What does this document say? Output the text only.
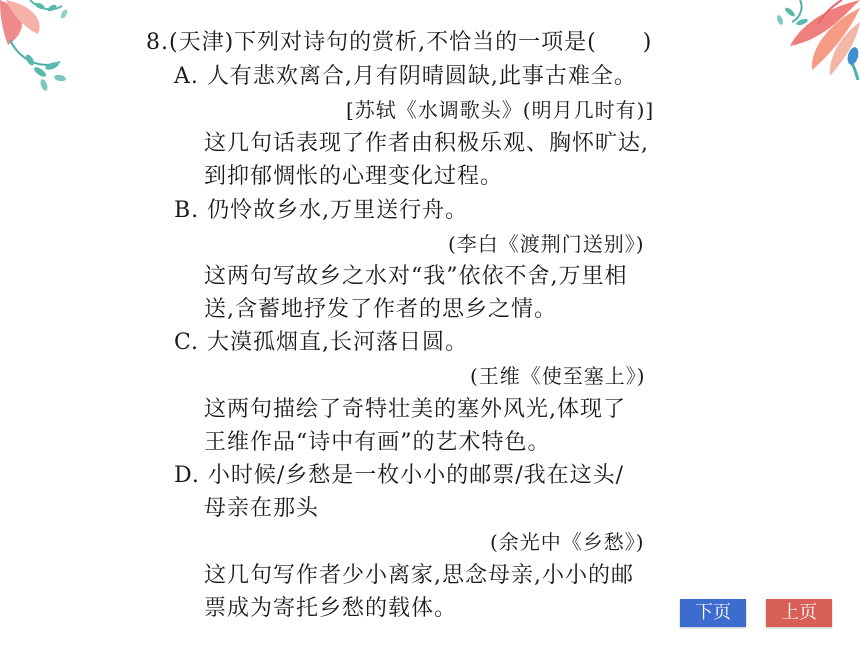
8.(天津)下列对诗句的赏析,不恰当的一项是(　　)
A. 人有悲欢离合,月有阴晴圆缺,此事古难全。
[苏轼《水调歌头》(明月几时有)]
这几句话表现了作者由积极乐观、胸怀旷达,
到抑郁惆怅的心理变化过程。
B. 仍怜故乡水,万里送行舟。
(李白《渡荆门送别》)
这两句写故乡之水对“我”依依不舍,万里相
送,含蓄地抒发了作者的思乡之情。
C. 大漠孤烟直,长河落日圆。
(王维《使至塞上》)
这两句描绘了奇特壮美的塞外风光,体现了
王维作品“诗中有画”的艺术特色。
D. 小时候/乡愁是一枚小小的邮票/我在这头/
母亲在那头
(余光中《乡愁》)
这几句写作者少小离家,思念母亲,小小的邮
票成为寄托乡愁的载体。	下页	上页
